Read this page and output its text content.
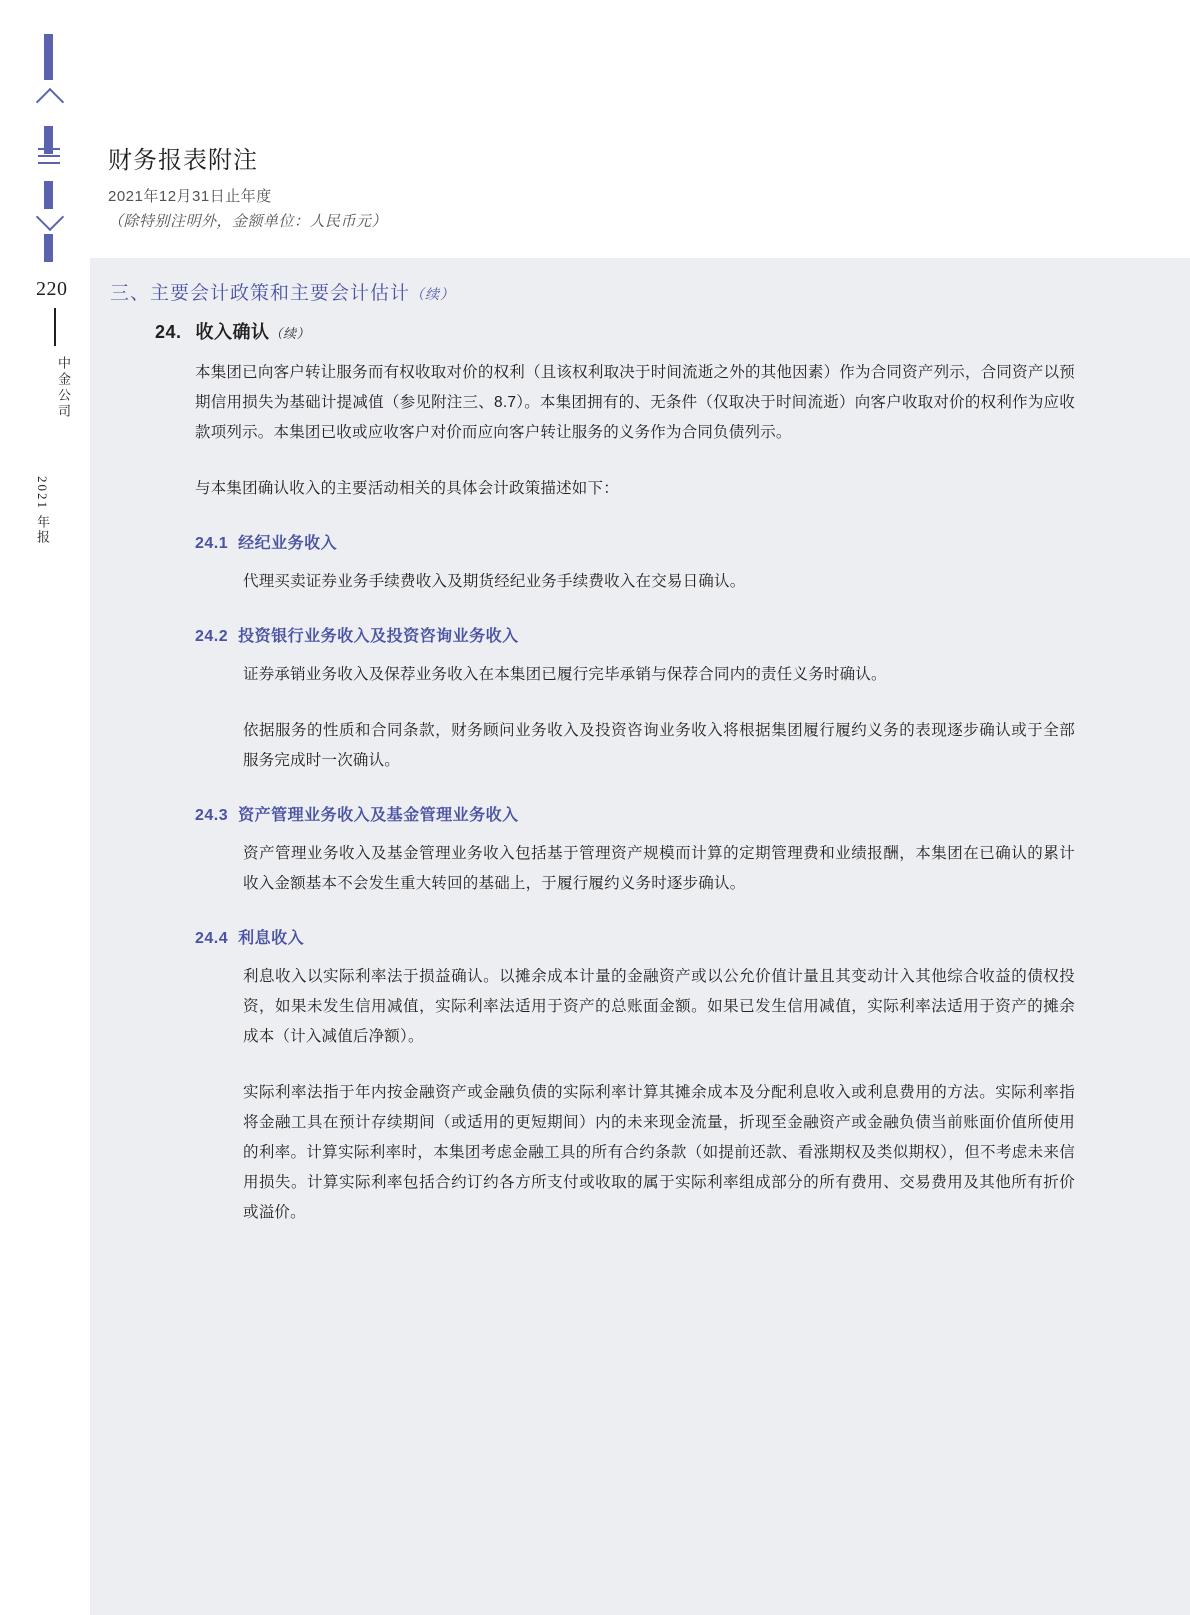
220
中金公司
2021 年报
财务报表附注

2021年12月31日止年度

（除特别注明外，金额单位：人民币元）

三、主要会计政策和主要会计估计（续）
24. 收入确认（续）

本集团已向客户转让服务而有权收取对价的权利（且该权利取决于时间流逝之外的其他因素）作为合同资产列示，合同资产以预期信用损失为基础计提减值（参见附注三、8.7）。本集团拥有的、无条件（仅取决于时间流逝）向客户收取对价的权利作为应收款项列示。本集团已收或应收客户对价而应向客户转让服务的义务作为合同负债列示。

与本集团确认收入的主要活动相关的具体会计政策描述如下：

24.1 经纪业务收入

代理买卖证券业务手续费收入及期货经纪业务手续费收入在交易日确认。

24.2 投资银行业务收入及投资咨询业务收入

证券承销业务收入及保荐业务收入在本集团已履行完毕承销与保荐合同内的责任义务时确认。

依据服务的性质和合同条款，财务顾问业务收入及投资咨询业务收入将根据集团履行履约义务的表现逐步确认或于全部服务完成时一次确认。

24.3 资产管理业务收入及基金管理业务收入

资产管理业务收入及基金管理业务收入包括基于管理资产规模而计算的定期管理费和业绩报酬，本集团在已确认的累计收入金额基本不会发生重大转回的基础上，于履行履约义务时逐步确认。

24.4 利息收入

利息收入以实际利率法于损益确认。以摊余成本计量的金融资产或以公允价值计量且其变动计入其他综合收益的债权投资，如果未发生信用减值，实际利率法适用于资产的总账面金额。如果已发生信用减值，实际利率法适用于资产的摊余成本（计入减值后净额）。

实际利率法指于年内按金融资产或金融负债的实际利率计算其摊余成本及分配利息收入或利息费用的方法。实际利率指将金融工具在预计存续期间（或适用的更短期间）内的未来现金流量，折现至金融资产或金融负债当前账面价值所使用的利率。计算实际利率时，本集团考虑金融工具的所有合约条款（如提前还款、看涨期权及类似期权），但不考虑未来信用损失。计算实际利率包括合约订约各方所支付或收取的属于实际利率组成部分的所有费用、交易费用及其他所有折价或溢价。
